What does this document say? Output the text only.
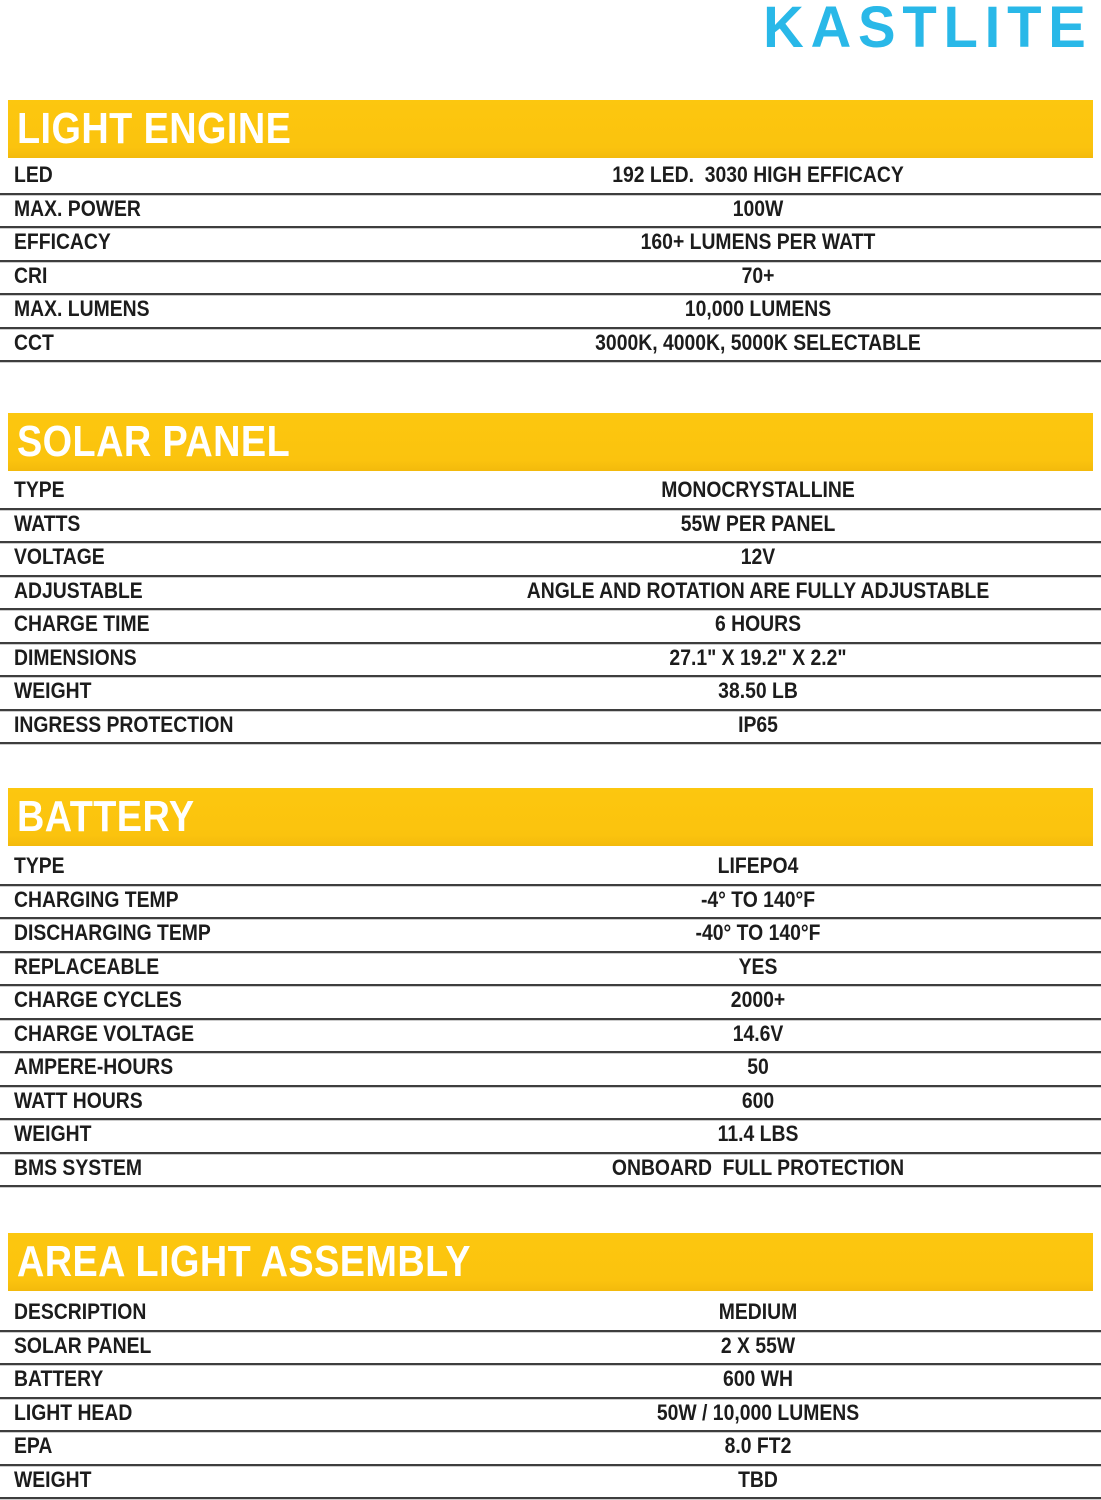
KASTLITE
LIGHT ENGINE
LED	192 LED.  3030 HIGH EFFICACY
MAX. POWER	100W
EFFICACY	160+ LUMENS PER WATT
CRI	70+
MAX. LUMENS	10,000 LUMENS
CCT	3000K, 4000K, 5000K SELECTABLE
SOLAR PANEL
TYPE	MONOCRYSTALLINE
WATTS	55W PER PANEL
VOLTAGE	12V
ADJUSTABLE	ANGLE AND ROTATION ARE FULLY ADJUSTABLE
CHARGE TIME	6 HOURS
DIMENSIONS	27.1" X 19.2" X 2.2"
WEIGHT	38.50 LB
INGRESS PROTECTION	IP65
BATTERY
TYPE	LIFEPO4
CHARGING TEMP	-4° TO 140°F
DISCHARGING TEMP	-40° TO 140°F
REPLACEABLE	YES
CHARGE CYCLES	2000+
CHARGE VOLTAGE	14.6V
AMPERE-HOURS	50
WATT HOURS	600
WEIGHT	11.4 LBS
BMS SYSTEM	ONBOARD  FULL PROTECTION
AREA LIGHT ASSEMBLY
DESCRIPTION	MEDIUM
SOLAR PANEL	2 X 55W
BATTERY	600 WH
LIGHT HEAD	50W / 10,000 LUMENS
EPA	8.0 FT2
WEIGHT	TBD
